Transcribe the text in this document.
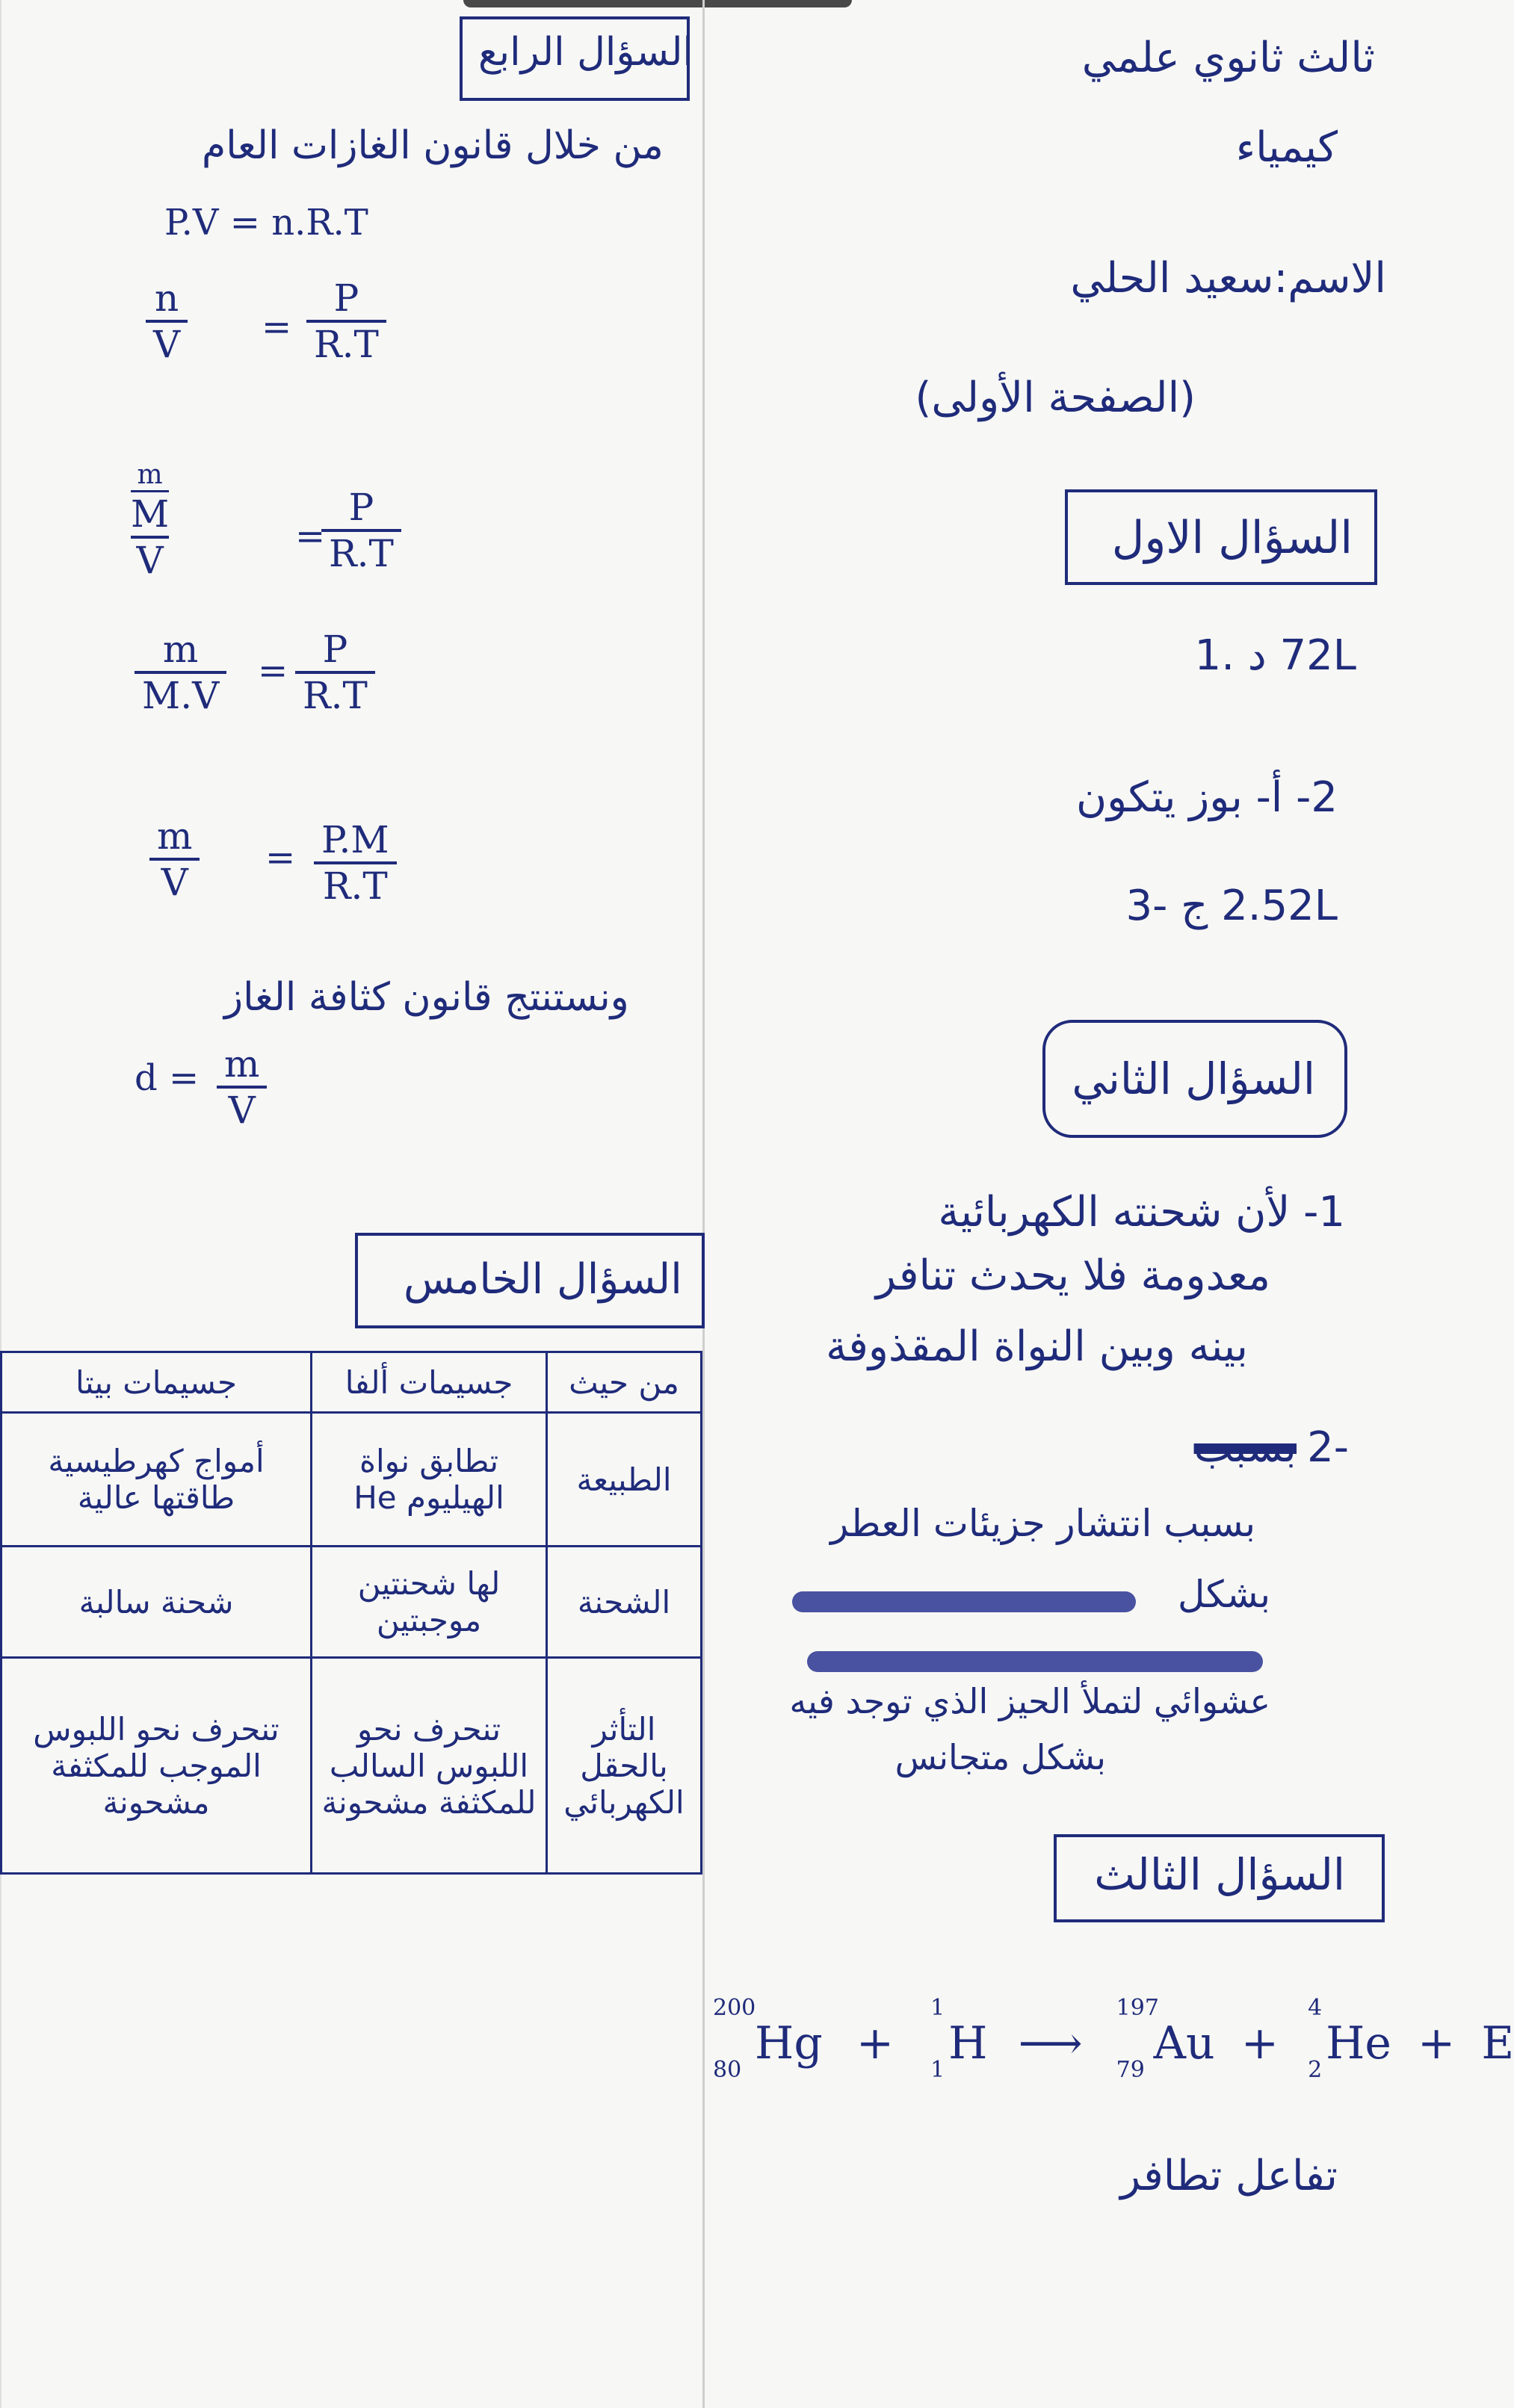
ثالث ثانوي علمي
كيمياء
الاسم:سعيد الحلي
(الصفحة الأولى)
السؤال الاول
72L د .1
2- أ- بوز يتكون
2.52L ج -3
السؤال الثاني
1- لأن شحنته الكهربائية
معدومة فلا يحدث تنافر
بينه وبين النواة المقذوفة
-2
بسبب
بسبب انتشار جزيئات العطر
بشكل
عشوائي لتملأ الحيز الذي توجد فيه
بشكل متجانس
السؤال الثالث
200
80
Hg +
1
1
H ⟶
197
79
Au +
4
2
He + E
تفاعل تطافر
السؤال الرابع
من خلال قانون الغازات العام
P.V = n.R.T
$\frac{n}{V} = \frac{P}{R.T}$
m
M
V
=
$\frac{P}{R.T}$
$\frac{m}{M.V} = \frac{P}{R.T}$
$\frac{m}{V} = \frac{P.M}{R.T}$
ونستنتج قانون كثافة الغاز
$d = \frac{m}{V}$
السؤال الخامس
جسيمات بيتا	جسيمات ألفا	من حيث
أمواج كهرطيسية طاقتها عالية	تطابق نواة الهيليوم He	الطبيعة
شحنة سالبة	لها شحنتين موجبتين	الشحنة
تنحرف نحو اللبوس الموجب للمكثفة مشحونة	تنحرف نحو اللبوس السالب للمكثفة مشحونة	التأثر بالحقل الكهربائي
